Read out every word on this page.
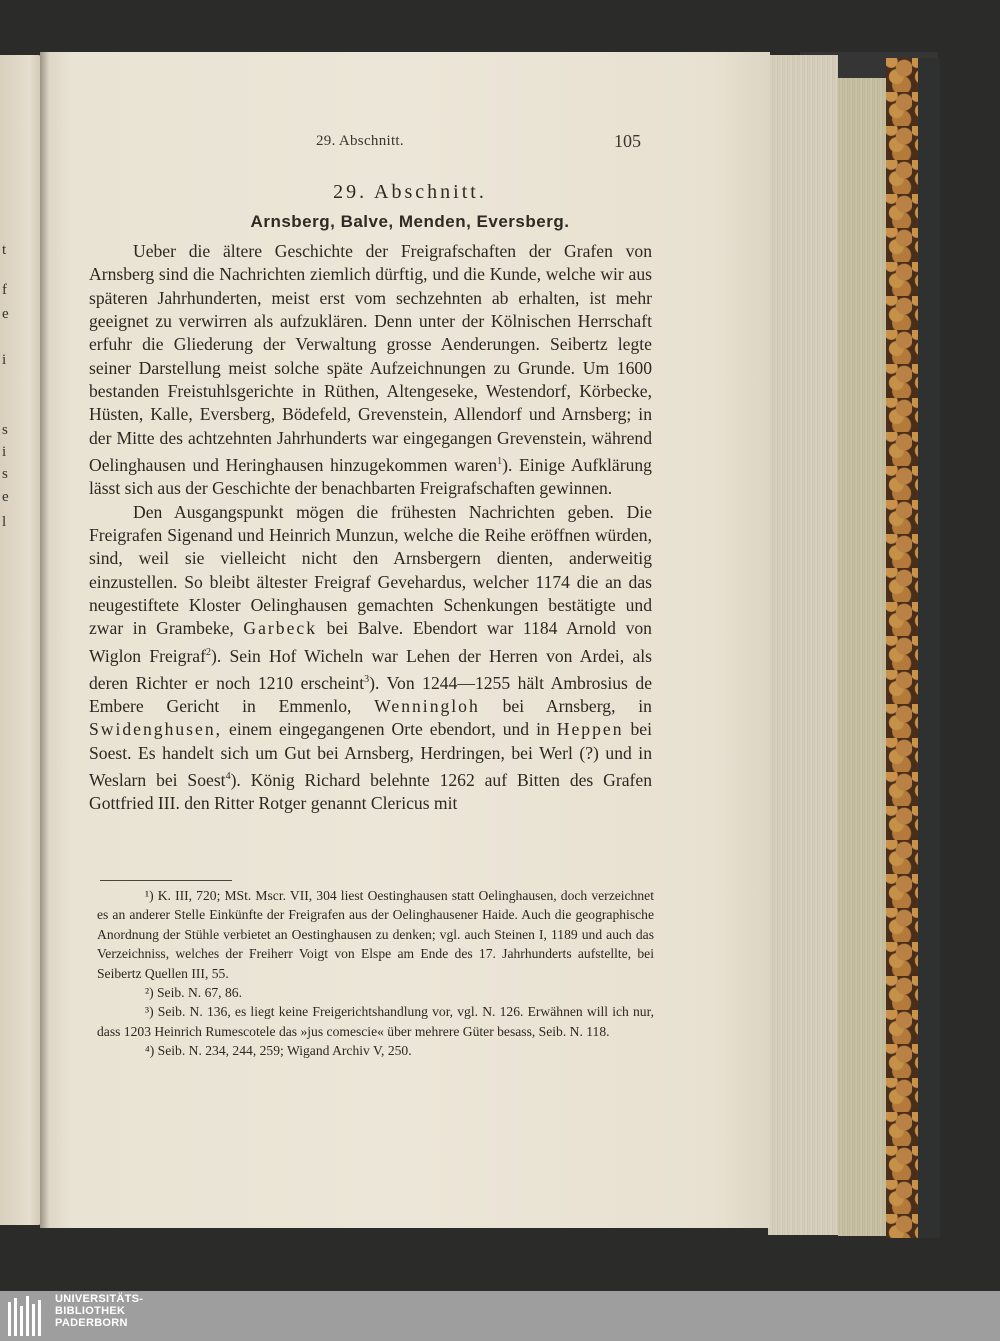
t
f
e
i
s
i
s
e
l
29. Abschnitt.	105
29. Abschnitt.
Arnsberg, Balve, Menden, Eversberg.

Ueber die ältere Geschichte der Freigrafschaften der Grafen von Arnsberg sind die Nachrichten ziemlich dürftig, und die Kunde, welche wir aus späteren Jahrhunderten, meist erst vom sechzehnten ab erhalten, ist mehr geeignet zu verwirren als aufzuklären. Denn unter der Kölnischen Herrschaft erfuhr die Gliederung der Verwaltung grosse Aenderungen. Seibertz legte seiner Darstellung meist solche späte Aufzeichnungen zu Grunde. Um 1600 bestanden Freistuhlsgerichte in Rüthen, Altengeseke, Westendorf, Körbecke, Hüsten, Kalle, Eversberg, Bödefeld, Grevenstein, Allendorf und Arnsberg; in der Mitte des achtzehnten Jahrhunderts war eingegangen Grevenstein, während Oelinghausen und Heringhausen hinzugekommen waren$^1$). Einige Aufklärung lässt sich aus der Geschichte der benachbarten Freigrafschaften gewinnen.

Den Ausgangspunkt mögen die frühesten Nachrichten geben. Die Freigrafen Sigenand und Heinrich Munzun, welche die Reihe eröffnen würden, sind, weil sie vielleicht nicht den Arnsbergern dienten, anderweitig einzustellen. So bleibt ältester Freigraf Gevehardus, welcher 1174 die an das neugestiftete Kloster Oelinghausen gemachten Schenkungen bestätigte und zwar in Grambeke, Garbeck bei Balve. Ebendort war 1184 Arnold von Wiglon Freigraf$^2$). Sein Hof Wicheln war Lehen der Herren von Ardei, als deren Richter er noch 1210 erscheint$^3$). Von 1244—1255 hält Ambrosius de Embere Gericht in Emmenlo, Wenningloh bei Arnsberg, in Swidenghusen, einem eingegangenen Orte ebendort, und in Heppen bei Soest. Es handelt sich um Gut bei Arnsberg, Herdringen, bei Werl (?) und in Weslarn bei Soest$^4$). König Richard belehnte 1262 auf Bitten des Grafen Gottfried III. den Ritter Rotger genannt Clericus mit

¹) K. III, 720; MSt. Mscr. VII, 304 liest Oestinghausen statt Oelinghausen, doch verzeichnet es an anderer Stelle Einkünfte der Freigrafen aus der Oelinghausener Haide. Auch die geographische Anordnung der Stühle verbietet an Oestinghausen zu denken; vgl. auch Steinen I, 1189 und auch das Verzeichniss, welches der Freiherr Voigt von Elspe am Ende des 17. Jahrhunderts aufstellte, bei Seibertz Quellen III, 55.

²) Seib. N. 67, 86.

³) Seib. N. 136, es liegt keine Freigerichtshandlung vor, vgl. N. 126. Erwähnen will ich nur, dass 1203 Heinrich Rumescotele das »jus comescie« über mehrere Güter besass, Seib. N. 118.

⁴) Seib. N. 234, 244, 259; Wigand Archiv V, 250.

UNIVERSITÄTS-
BIBLIOTHEK
PADERBORN
